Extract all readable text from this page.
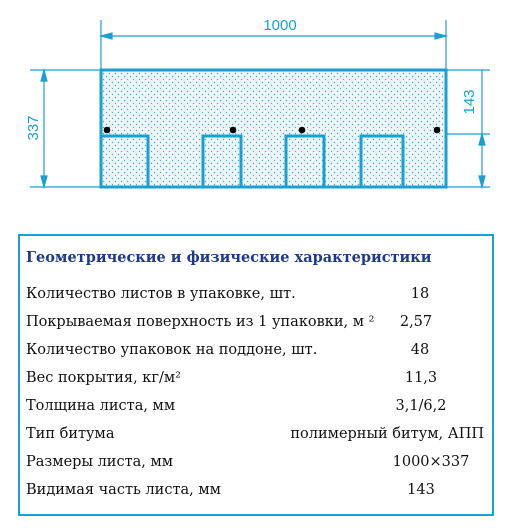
1000
337
143
Геометрические и физические характеристики
Количество листов в упаковке, шт.	18
Покрываемая поверхность из 1 упаковки, м ²	2,57
Количество упаковок на поддоне, шт.	48
Вес покрытия, кг/м²	11,3
Толщина листа, мм	3,1/6,2
Тип битума	полимерный битум, АПП
Размеры листа, мм	1000×337
Видимая часть листа, мм	143
